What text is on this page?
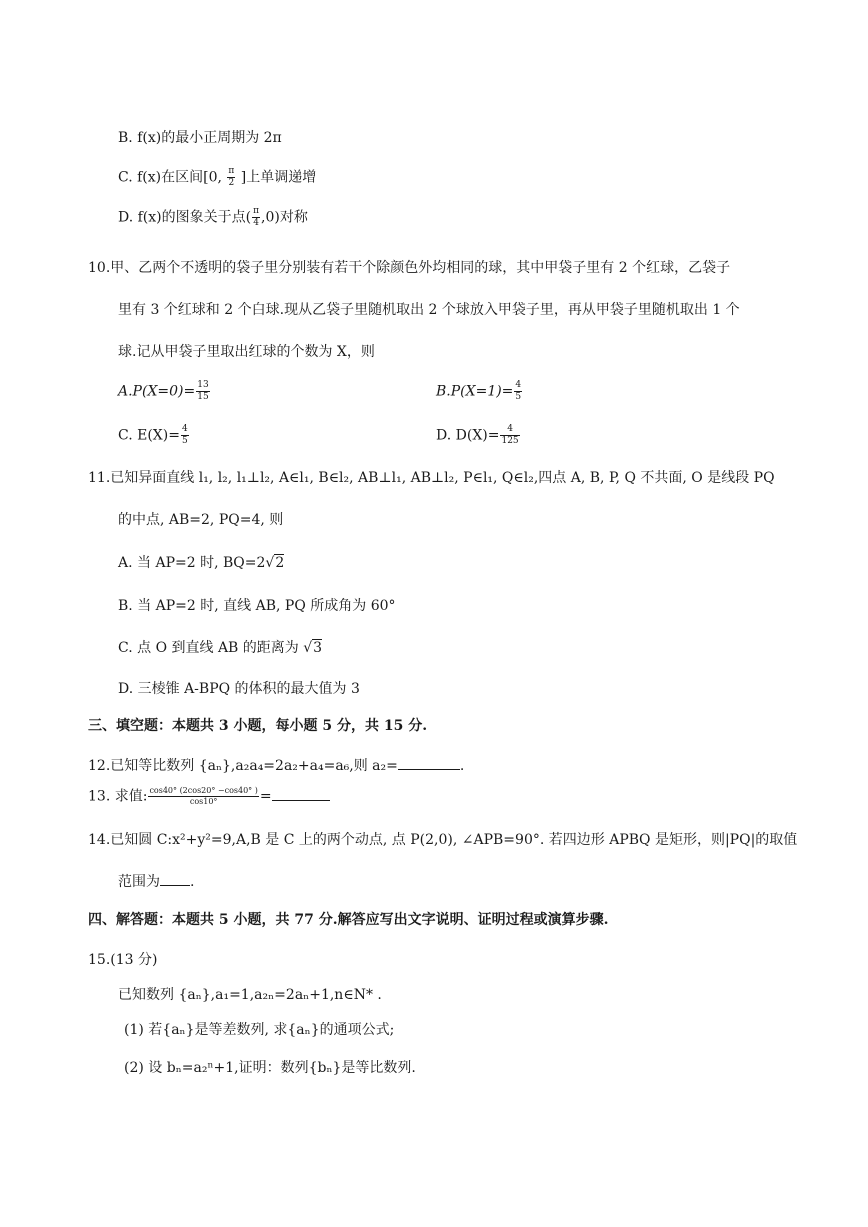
B. f(x)的最小正周期为 2π
C. f(x)在区间[0, $\frac{\pi}{2}$ ]上单调递增
D. f(x)的图象关于点( $\frac{\pi}{4} ,0$)对称
10.甲、乙两个不透明的袋子里分别装有若干个除颜色外均相同的球，其中甲袋子里有 2 个红球，乙袋子
里有 3 个红球和 2 个白球.现从乙袋子里随机取出 2 个球放入甲袋子里，再从甲袋子里随机取出 1 个
球.记从甲袋子里取出红球的个数为 X，则
$A.P(X=0)= \frac{13}{15}$	$B.P(X=1)= \frac{4}{5}$
C. $E(X)= \frac{4}{5}$	D. $D(X)= \frac{4}{125}$
11.已知异面直线 l₁, l₂, l₁⊥l₂, A∈l₁, B∈l₂, AB⊥l₁, AB⊥l₂, P∈l₁, Q∈l₂,四点 A, B, P, Q 不共面, O 是线段 PQ
的中点, AB=2, PQ=4, 则
A. 当 AP=2 时, BQ=2√2
B. 当 AP=2 时, 直线 AB, PQ 所成角为 60°
C. 点 O 到直线 AB 的距离为 √3
D. 三棱锥 A-BPQ 的体积的最大值为 3
三、填空题：本题共 3 小题，每小题 5 分，共 15 分.
12.已知等比数列 {aₙ},a₂a₄=2a₂+a₄=a₆,则 a₂=	.
13. 求值: $\frac{\cos 40^\circ (2\cos 20^\circ -\cos 40^\circ )}{\cos 10^\circ}$ =
14.已知圆 C:x²+y²=9,A,B 是 C 上的两个动点, 点 P(2,0), ∠APB=90°. 若四边形 APBQ 是矩形，则|PQ|的取值
范围为 .
四、解答题：本题共 5 小题，共 77 分.解答应写出文字说明、证明过程或演算步骤.
15.(13 分)
已知数列 {aₙ},a₁=1,a₂ₙ=2aₙ+1,n∈N* .
(1) 若{aₙ}是等差数列, 求{aₙ}的通项公式;
(2) 设 bₙ=a₂ⁿ+1,证明：数列{bₙ}是等比数列.
